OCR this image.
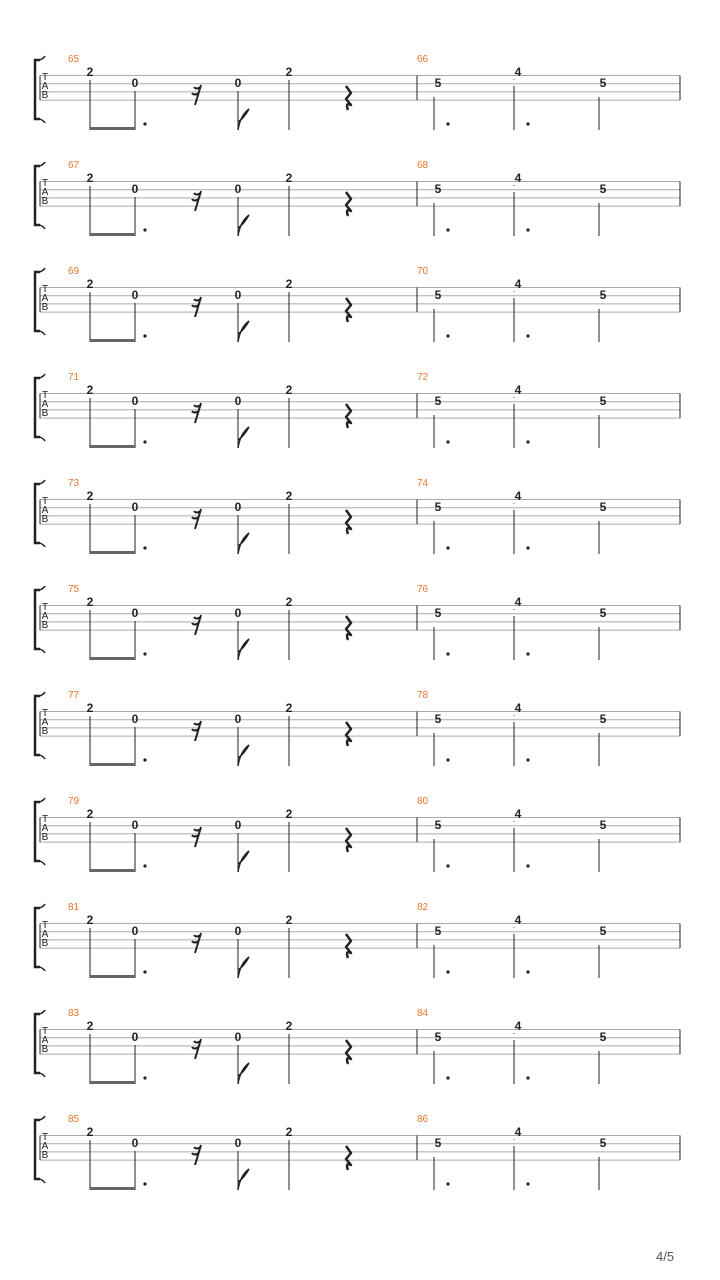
T
A
B
65	66
2
0	0
2
5
4
5
T
A
B
67	68
2
0	0
2
5
4
5
T
A
B
69	70
2
0	0
2
5
4
5
T
A
B
71	72
2
0	0
2
5
4
5
T
A
B
73	74
2
0	0
2
5
4
5
T
A
B
75	76
2
0	0
2
5
4
5
T
A
B
77	78
2
0	0
2
5
4
5
T
A
B
79	80
2
0	0
2
5
4
5
T
A
B
81	82
2
0	0
2
5
4
5
T
A
B
83	84
2
0	0
2
5
4
5
T
A
B
85	86
2
0	0
2
5
4
5
4/5
